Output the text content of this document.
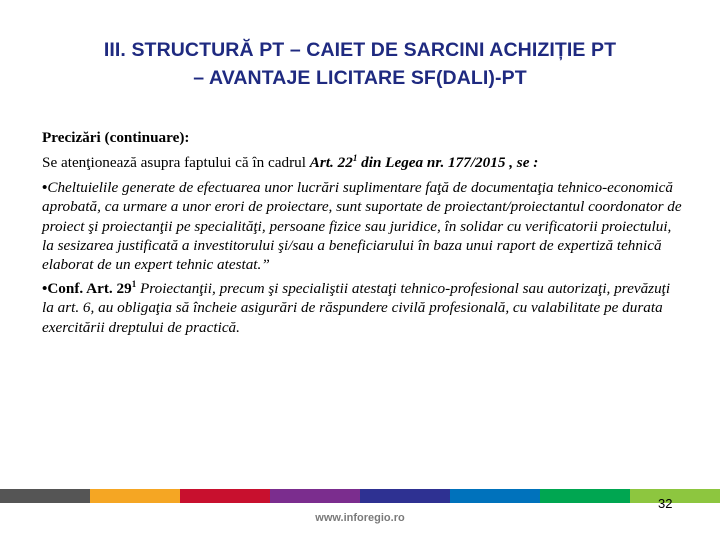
III. STRUCTURĂ PT – CAIET DE SARCINI ACHIZIȚIE PT
– AVANTAJE LICITARE SF(DALI)-PT

Precizări (continuare):

Se atenţionează asupra faptului că în cadrul Art. $22^1$ din Legea nr. 177/2015 , se :

•Cheltuielile generate de efectuarea unor lucrări suplimentare faţă de documentaţia tehnico-economică aprobată, ca urmare a unor erori de proiectare, sunt suportate de proiectant/proiectantul coordonator de proiect şi proiectanţii pe specialităţi, persoane fizice sau juridice, în solidar cu verificatorii proiectului, la sesizarea justificată a investitorului şi/sau a beneficiarului în baza unui raport de expertiză tehnică elaborat de un expert tehnic atestat.”

•Conf. Art. $29^1$ Proiectanţii, precum şi specialiştii atestaţi tehnico-profesional sau autorizaţi, prevăzuţi la art. 6, au obligaţia să încheie asigurări de răspundere civilă profesională, cu valabilitate pe durata exercitării dreptului de practică.

32
www.inforegio.ro
